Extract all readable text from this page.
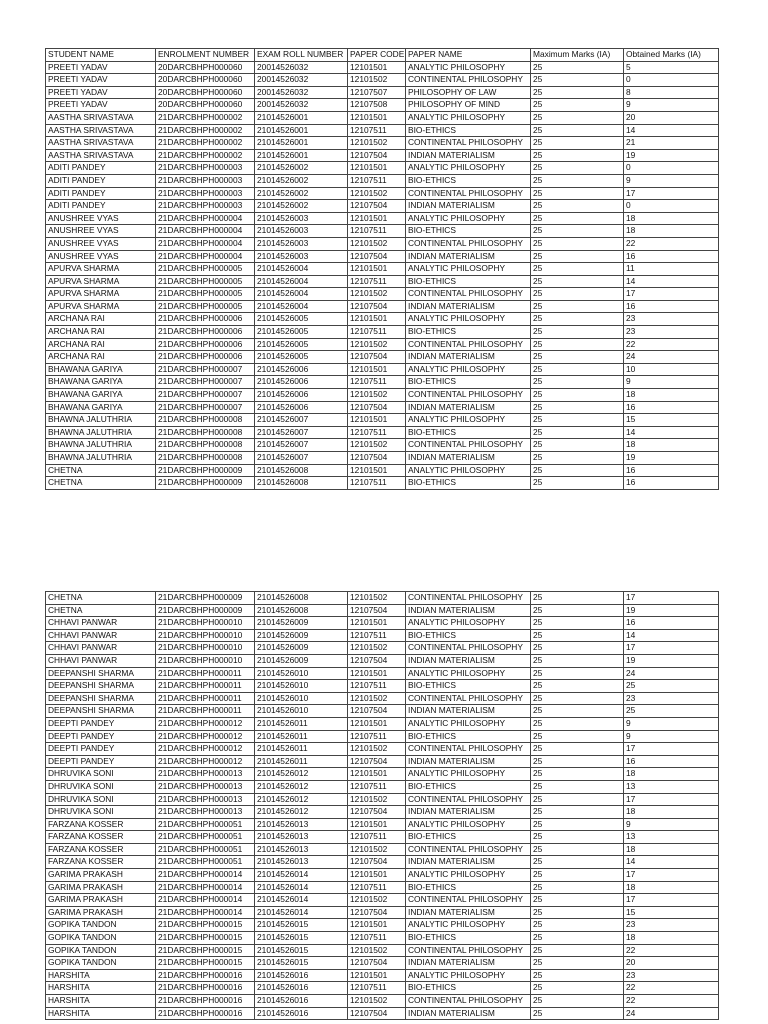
STUDENT NAME	ENROLMENT NUMBER	EXAM ROLL NUMBER	PAPER CODE	PAPER NAME	Maximum Marks (IA)	Obtained Marks (IA)
PREETI YADAV	20DARCBHPH000060	20014526032	12101501	ANALYTIC PHILOSOPHY	25	5
PREETI YADAV	20DARCBHPH000060	20014526032	12101502	CONTINENTAL PHILOSOPHY	25	0
PREETI YADAV	20DARCBHPH000060	20014526032	12107507	PHILOSOPHY OF LAW	25	8
PREETI YADAV	20DARCBHPH000060	20014526032	12107508	PHILOSOPHY OF MIND	25	9
AASTHA SRIVASTAVA	21DARCBHPH000002	21014526001	12101501	ANALYTIC PHILOSOPHY	25	20
AASTHA SRIVASTAVA	21DARCBHPH000002	21014526001	12107511	BIO-ETHICS	25	14
AASTHA SRIVASTAVA	21DARCBHPH000002	21014526001	12101502	CONTINENTAL PHILOSOPHY	25	21
AASTHA SRIVASTAVA	21DARCBHPH000002	21014526001	12107504	INDIAN MATERIALISM	25	19
ADITI PANDEY	21DARCBHPH000003	21014526002	12101501	ANALYTIC PHILOSOPHY	25	0
ADITI PANDEY	21DARCBHPH000003	21014526002	12107511	BIO-ETHICS	25	9
ADITI PANDEY	21DARCBHPH000003	21014526002	12101502	CONTINENTAL PHILOSOPHY	25	17
ADITI PANDEY	21DARCBHPH000003	21014526002	12107504	INDIAN MATERIALISM	25	0
ANUSHREE VYAS	21DARCBHPH000004	21014526003	12101501	ANALYTIC PHILOSOPHY	25	18
ANUSHREE VYAS	21DARCBHPH000004	21014526003	12107511	BIO-ETHICS	25	18
ANUSHREE VYAS	21DARCBHPH000004	21014526003	12101502	CONTINENTAL PHILOSOPHY	25	22
ANUSHREE VYAS	21DARCBHPH000004	21014526003	12107504	INDIAN MATERIALISM	25	16
APURVA SHARMA	21DARCBHPH000005	21014526004	12101501	ANALYTIC PHILOSOPHY	25	11
APURVA SHARMA	21DARCBHPH000005	21014526004	12107511	BIO-ETHICS	25	14
APURVA SHARMA	21DARCBHPH000005	21014526004	12101502	CONTINENTAL PHILOSOPHY	25	17
APURVA SHARMA	21DARCBHPH000005	21014526004	12107504	INDIAN MATERIALISM	25	16
ARCHANA RAI	21DARCBHPH000006	21014526005	12101501	ANALYTIC PHILOSOPHY	25	23
ARCHANA RAI	21DARCBHPH000006	21014526005	12107511	BIO-ETHICS	25	23
ARCHANA RAI	21DARCBHPH000006	21014526005	12101502	CONTINENTAL PHILOSOPHY	25	22
ARCHANA RAI	21DARCBHPH000006	21014526005	12107504	INDIAN MATERIALISM	25	24
BHAWANA GARIYA	21DARCBHPH000007	21014526006	12101501	ANALYTIC PHILOSOPHY	25	10
BHAWANA GARIYA	21DARCBHPH000007	21014526006	12107511	BIO-ETHICS	25	9
BHAWANA GARIYA	21DARCBHPH000007	21014526006	12101502	CONTINENTAL PHILOSOPHY	25	18
BHAWANA GARIYA	21DARCBHPH000007	21014526006	12107504	INDIAN MATERIALISM	25	16
BHAWNA JALUTHRIA	21DARCBHPH000008	21014526007	12101501	ANALYTIC PHILOSOPHY	25	15
BHAWNA JALUTHRIA	21DARCBHPH000008	21014526007	12107511	BIO-ETHICS	25	14
BHAWNA JALUTHRIA	21DARCBHPH000008	21014526007	12101502	CONTINENTAL PHILOSOPHY	25	18
BHAWNA JALUTHRIA	21DARCBHPH000008	21014526007	12107504	INDIAN MATERIALISM	25	19
CHETNA	21DARCBHPH000009	21014526008	12101501	ANALYTIC PHILOSOPHY	25	16
CHETNA	21DARCBHPH000009	21014526008	12107511	BIO-ETHICS	25	16
CHETNA	21DARCBHPH000009	21014526008	12101502	CONTINENTAL PHILOSOPHY	25	17
CHETNA	21DARCBHPH000009	21014526008	12107504	INDIAN MATERIALISM	25	19
CHHAVI PANWAR	21DARCBHPH000010	21014526009	12101501	ANALYTIC PHILOSOPHY	25	16
CHHAVI PANWAR	21DARCBHPH000010	21014526009	12107511	BIO-ETHICS	25	14
CHHAVI PANWAR	21DARCBHPH000010	21014526009	12101502	CONTINENTAL PHILOSOPHY	25	17
CHHAVI PANWAR	21DARCBHPH000010	21014526009	12107504	INDIAN MATERIALISM	25	19
DEEPANSHI SHARMA	21DARCBHPH000011	21014526010	12101501	ANALYTIC PHILOSOPHY	25	24
DEEPANSHI SHARMA	21DARCBHPH000011	21014526010	12107511	BIO-ETHICS	25	25
DEEPANSHI SHARMA	21DARCBHPH000011	21014526010	12101502	CONTINENTAL PHILOSOPHY	25	23
DEEPANSHI SHARMA	21DARCBHPH000011	21014526010	12107504	INDIAN MATERIALISM	25	25
DEEPTI PANDEY	21DARCBHPH000012	21014526011	12101501	ANALYTIC PHILOSOPHY	25	9
DEEPTI PANDEY	21DARCBHPH000012	21014526011	12107511	BIO-ETHICS	25	9
DEEPTI PANDEY	21DARCBHPH000012	21014526011	12101502	CONTINENTAL PHILOSOPHY	25	17
DEEPTI PANDEY	21DARCBHPH000012	21014526011	12107504	INDIAN MATERIALISM	25	16
DHRUVIKA SONI	21DARCBHPH000013	21014526012	12101501	ANALYTIC PHILOSOPHY	25	18
DHRUVIKA SONI	21DARCBHPH000013	21014526012	12107511	BIO-ETHICS	25	13
DHRUVIKA SONI	21DARCBHPH000013	21014526012	12101502	CONTINENTAL PHILOSOPHY	25	17
DHRUVIKA SONI	21DARCBHPH000013	21014526012	12107504	INDIAN MATERIALISM	25	18
FARZANA KOSSER	21DARCBHPH000051	21014526013	12101501	ANALYTIC PHILOSOPHY	25	9
FARZANA KOSSER	21DARCBHPH000051	21014526013	12107511	BIO-ETHICS	25	13
FARZANA KOSSER	21DARCBHPH000051	21014526013	12101502	CONTINENTAL PHILOSOPHY	25	18
FARZANA KOSSER	21DARCBHPH000051	21014526013	12107504	INDIAN MATERIALISM	25	14
GARIMA PRAKASH	21DARCBHPH000014	21014526014	12101501	ANALYTIC PHILOSOPHY	25	17
GARIMA PRAKASH	21DARCBHPH000014	21014526014	12107511	BIO-ETHICS	25	18
GARIMA PRAKASH	21DARCBHPH000014	21014526014	12101502	CONTINENTAL PHILOSOPHY	25	17
GARIMA PRAKASH	21DARCBHPH000014	21014526014	12107504	INDIAN MATERIALISM	25	15
GOPIKA TANDON	21DARCBHPH000015	21014526015	12101501	ANALYTIC PHILOSOPHY	25	23
GOPIKA TANDON	21DARCBHPH000015	21014526015	12107511	BIO-ETHICS	25	18
GOPIKA TANDON	21DARCBHPH000015	21014526015	12101502	CONTINENTAL PHILOSOPHY	25	22
GOPIKA TANDON	21DARCBHPH000015	21014526015	12107504	INDIAN MATERIALISM	25	20
HARSHITA	21DARCBHPH000016	21014526016	12101501	ANALYTIC PHILOSOPHY	25	23
HARSHITA	21DARCBHPH000016	21014526016	12107511	BIO-ETHICS	25	22
HARSHITA	21DARCBHPH000016	21014526016	12101502	CONTINENTAL PHILOSOPHY	25	22
HARSHITA	21DARCBHPH000016	21014526016	12107504	INDIAN MATERIALISM	25	24
